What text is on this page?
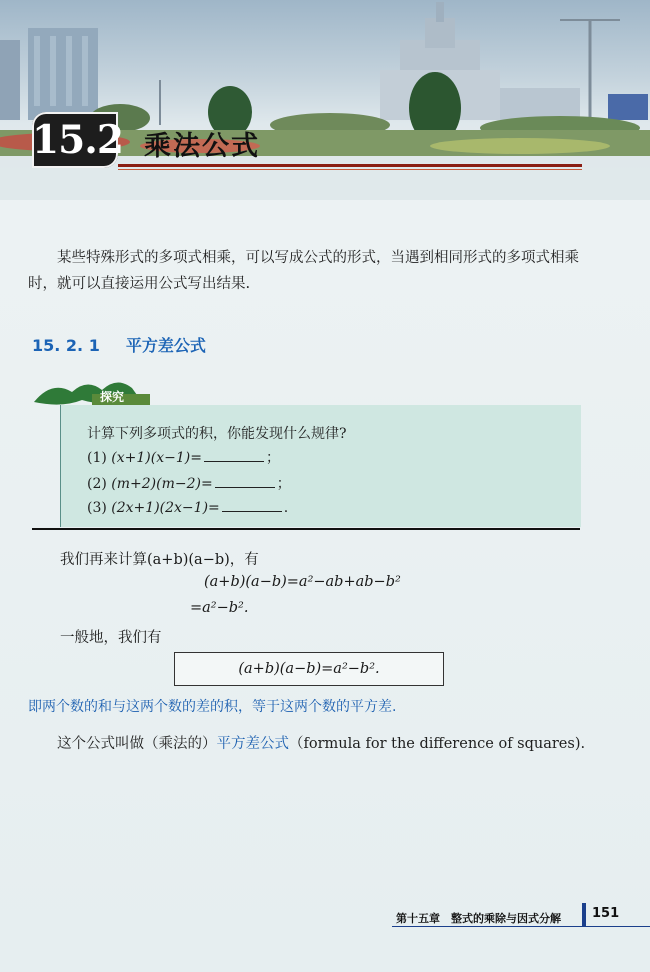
15.2 乘法公式

某些特殊形式的多项式相乘，可以写成公式的形式，当遇到相同形式的多项式相乘时，就可以直接运用公式写出结果.

15. 2. 1 平方差公式
探究
计算下列多项式的积，你能发现什么规律?
(1) (x+1)(x−1)=	；
(2) (m+2)(m−2)=	；
(3) (2x+1)(2x−1)=	.
我们再来计算(a+b)(a−b)，有
(a+b)(a−b)=a²−ab+ab−b²
=a²−b².
一般地，我们有
(a+b)(a−b)=a²−b².
即两个数的和与这两个数的差的积，等于这两个数的平方差.

这个公式叫做（乘法的）平方差公式（formula for the difference of squares).

第十五章　整式的乘除与因式分解 151
